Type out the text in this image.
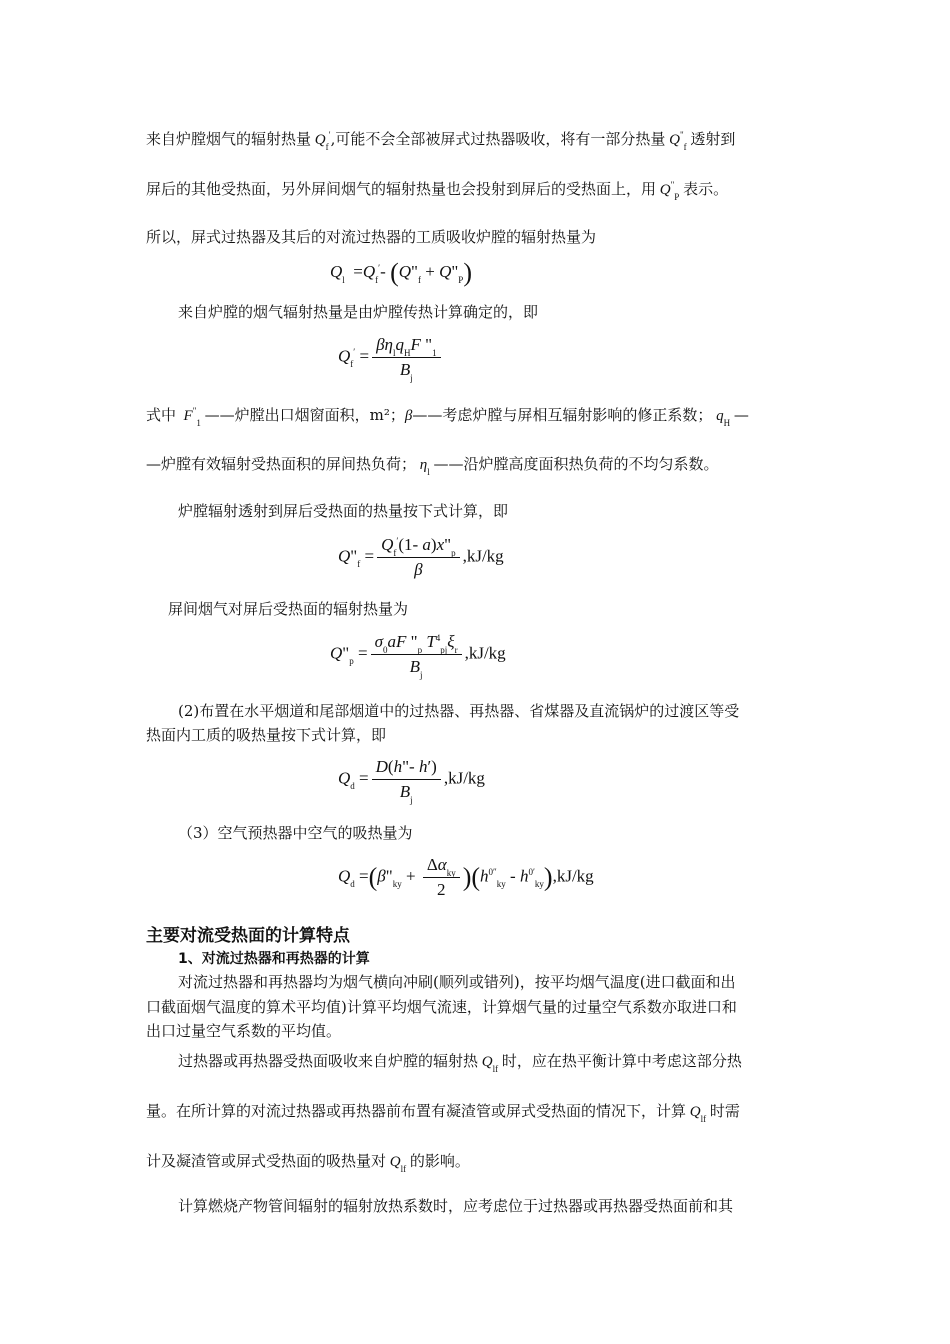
来自炉膛烟气的辐射热量 $Q_f'$,可能不会全部被屏式过热器吸收，将有一部分热量 $Q^"_f$ 透射到
屏后的其他受热面，另外屏间烟气的辐射热量也会投射到屏后的受热面上，用 $Q^"_P$ 表示。
所以，屏式过热器及其后的对流过热器的工质吸收炉膛的辐射热量为
$Q_l =Q_f'-$ ($Q"_f$ + $Q"_P$)
来自炉膛的烟气辐射热量是由炉膛传热计算确定的，即
$Q_f' = \frac{\beta\eta_lq_HF "_1}{B_j}$
式中  $F^"_1$ ——炉膛出口烟窗面积，m²；β——考虑炉膛与屏相互辐射影响的修正系数； $q_H$ —
—炉膛有效辐射受热面积的屏间热负荷； $\eta_l$ ——沿炉膛高度面积热负荷的不均匀系数。
炉膛辐射透射到屏后受热面的热量按下式计算，即
$Q"_f = \frac{Q_f'(1- a)x"_p}{\beta} ,kJ/kg$
屏间烟气对屏后受热面的辐射热量为
$Q"_p = \frac{\sigma_0aF "_p T^4_{pj}\xi_r}{B_j} ,kJ/kg$
(2)布置在水平烟道和尾部烟道中的过热器、再热器、省煤器及直流锅炉的过渡区等受
热面内工质的吸热量按下式计算，即
$Q_d = \frac{D(h"- h')}{B_j} ,kJ/kg$
（3）空气预热器中空气的吸热量为
$Q_d$ $=(\beta"_{ky} + \frac{\Delta\alpha_{ky}}{2} )(h^{0''}_{ky} - h^{0'}_{ky}),kJ/kg$
主要对流受热面的计算特点
1、对流过热器和再热器的计算
对流过热器和再热器均为烟气横向冲刷(顺列或错列)，按平均烟气温度(进口截面和出
口截面烟气温度的算术平均值)计算平均烟气流速，计算烟气量的过量空气系数亦取进口和
出口过量空气系数的平均值。
过热器或再热器受热面吸收来自炉膛的辐射热 $Q_{lf}$ 时，应在热平衡计算中考虑这部分热
量。在所计算的对流过热器或再热器前布置有凝渣管或屏式受热面的情况下，计算 $Q_{lf}$ 时需
计及凝渣管或屏式受热面的吸热量对 $Q_{lf}$ 的影响。
计算燃烧产物管间辐射的辐射放热系数时，应考虑位于过热器或再热器受热面前和其
